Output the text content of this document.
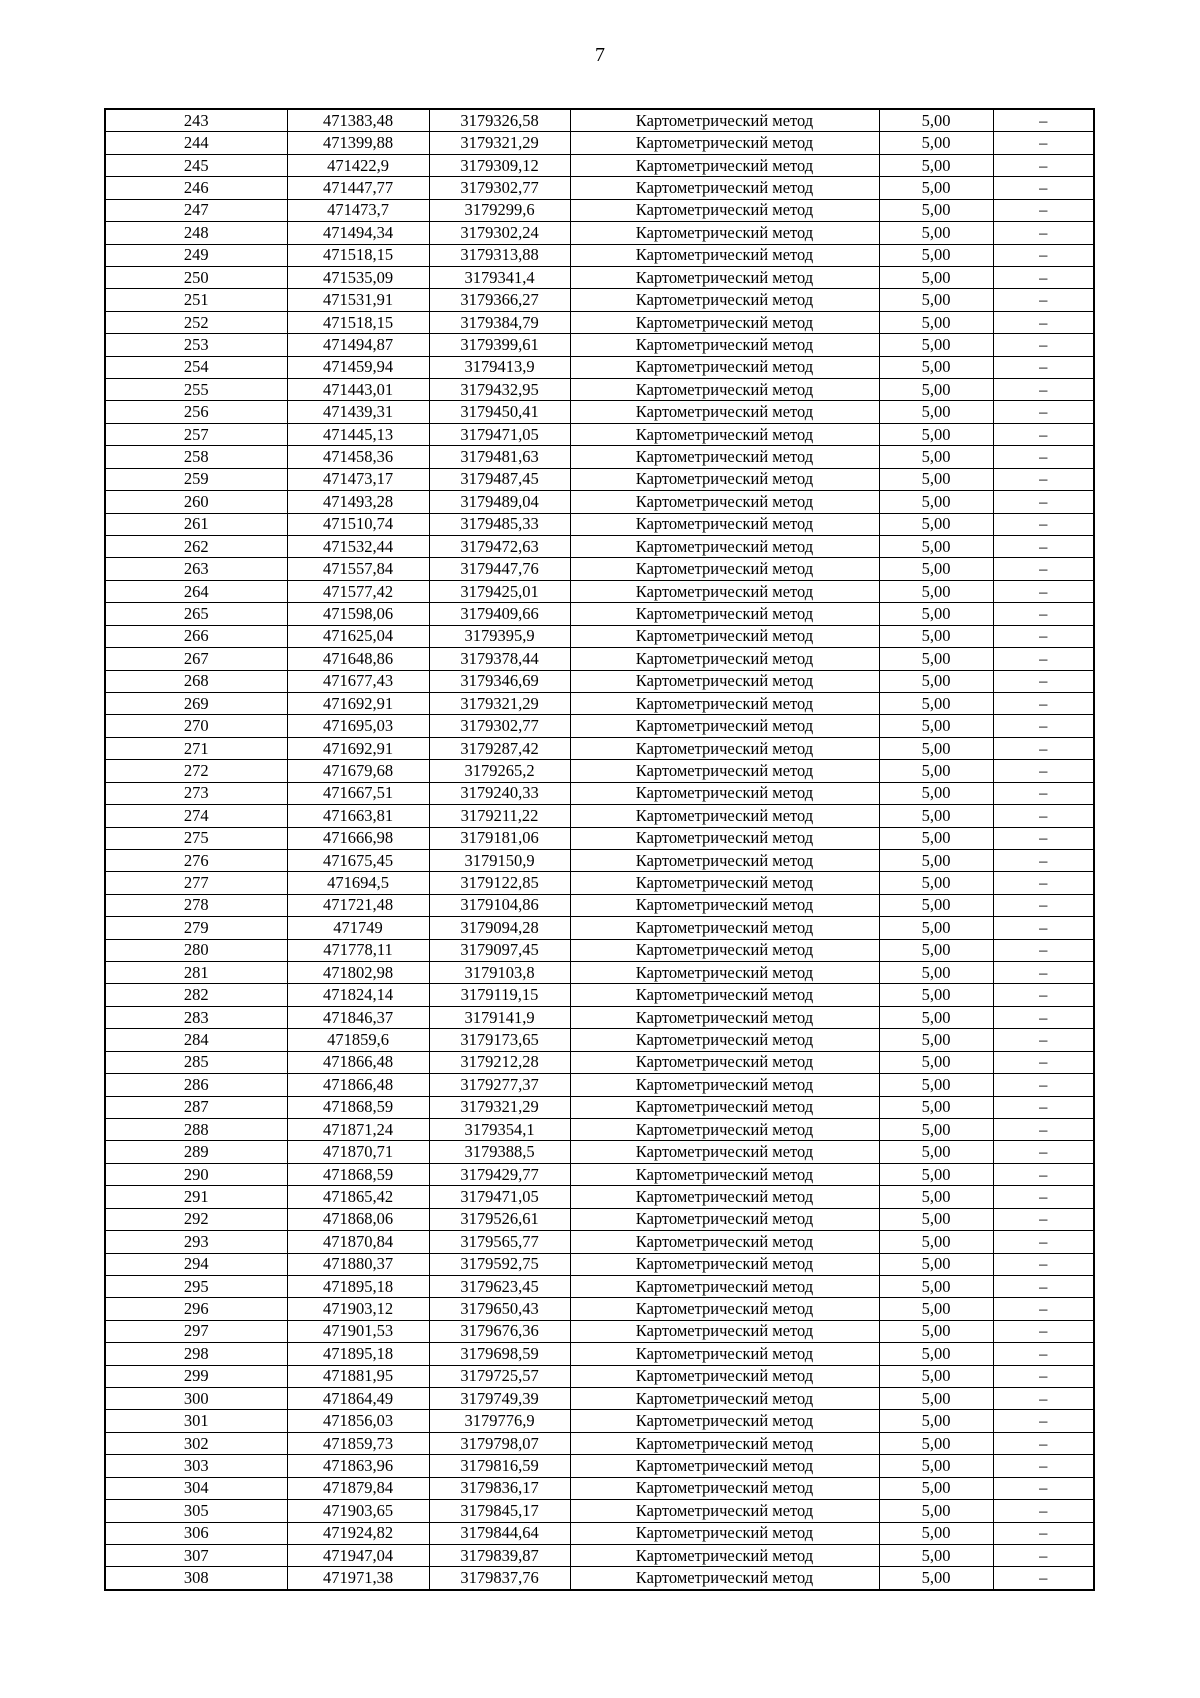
7
243	471383,48	3179326,58	Картометрический метод	5,00	–
244	471399,88	3179321,29	Картометрический метод	5,00	–
245	471422,9	3179309,12	Картометрический метод	5,00	–
246	471447,77	3179302,77	Картометрический метод	5,00	–
247	471473,7	3179299,6	Картометрический метод	5,00	–
248	471494,34	3179302,24	Картометрический метод	5,00	–
249	471518,15	3179313,88	Картометрический метод	5,00	–
250	471535,09	3179341,4	Картометрический метод	5,00	–
251	471531,91	3179366,27	Картометрический метод	5,00	–
252	471518,15	3179384,79	Картометрический метод	5,00	–
253	471494,87	3179399,61	Картометрический метод	5,00	–
254	471459,94	3179413,9	Картометрический метод	5,00	–
255	471443,01	3179432,95	Картометрический метод	5,00	–
256	471439,31	3179450,41	Картометрический метод	5,00	–
257	471445,13	3179471,05	Картометрический метод	5,00	–
258	471458,36	3179481,63	Картометрический метод	5,00	–
259	471473,17	3179487,45	Картометрический метод	5,00	–
260	471493,28	3179489,04	Картометрический метод	5,00	–
261	471510,74	3179485,33	Картометрический метод	5,00	–
262	471532,44	3179472,63	Картометрический метод	5,00	–
263	471557,84	3179447,76	Картометрический метод	5,00	–
264	471577,42	3179425,01	Картометрический метод	5,00	–
265	471598,06	3179409,66	Картометрический метод	5,00	–
266	471625,04	3179395,9	Картометрический метод	5,00	–
267	471648,86	3179378,44	Картометрический метод	5,00	–
268	471677,43	3179346,69	Картометрический метод	5,00	–
269	471692,91	3179321,29	Картометрический метод	5,00	–
270	471695,03	3179302,77	Картометрический метод	5,00	–
271	471692,91	3179287,42	Картометрический метод	5,00	–
272	471679,68	3179265,2	Картометрический метод	5,00	–
273	471667,51	3179240,33	Картометрический метод	5,00	–
274	471663,81	3179211,22	Картометрический метод	5,00	–
275	471666,98	3179181,06	Картометрический метод	5,00	–
276	471675,45	3179150,9	Картометрический метод	5,00	–
277	471694,5	3179122,85	Картометрический метод	5,00	–
278	471721,48	3179104,86	Картометрический метод	5,00	–
279	471749	3179094,28	Картометрический метод	5,00	–
280	471778,11	3179097,45	Картометрический метод	5,00	–
281	471802,98	3179103,8	Картометрический метод	5,00	–
282	471824,14	3179119,15	Картометрический метод	5,00	–
283	471846,37	3179141,9	Картометрический метод	5,00	–
284	471859,6	3179173,65	Картометрический метод	5,00	–
285	471866,48	3179212,28	Картометрический метод	5,00	–
286	471866,48	3179277,37	Картометрический метод	5,00	–
287	471868,59	3179321,29	Картометрический метод	5,00	–
288	471871,24	3179354,1	Картометрический метод	5,00	–
289	471870,71	3179388,5	Картометрический метод	5,00	–
290	471868,59	3179429,77	Картометрический метод	5,00	–
291	471865,42	3179471,05	Картометрический метод	5,00	–
292	471868,06	3179526,61	Картометрический метод	5,00	–
293	471870,84	3179565,77	Картометрический метод	5,00	–
294	471880,37	3179592,75	Картометрический метод	5,00	–
295	471895,18	3179623,45	Картометрический метод	5,00	–
296	471903,12	3179650,43	Картометрический метод	5,00	–
297	471901,53	3179676,36	Картометрический метод	5,00	–
298	471895,18	3179698,59	Картометрический метод	5,00	–
299	471881,95	3179725,57	Картометрический метод	5,00	–
300	471864,49	3179749,39	Картометрический метод	5,00	–
301	471856,03	3179776,9	Картометрический метод	5,00	–
302	471859,73	3179798,07	Картометрический метод	5,00	–
303	471863,96	3179816,59	Картометрический метод	5,00	–
304	471879,84	3179836,17	Картометрический метод	5,00	–
305	471903,65	3179845,17	Картометрический метод	5,00	–
306	471924,82	3179844,64	Картометрический метод	5,00	–
307	471947,04	3179839,87	Картометрический метод	5,00	–
308	471971,38	3179837,76	Картометрический метод	5,00	–
